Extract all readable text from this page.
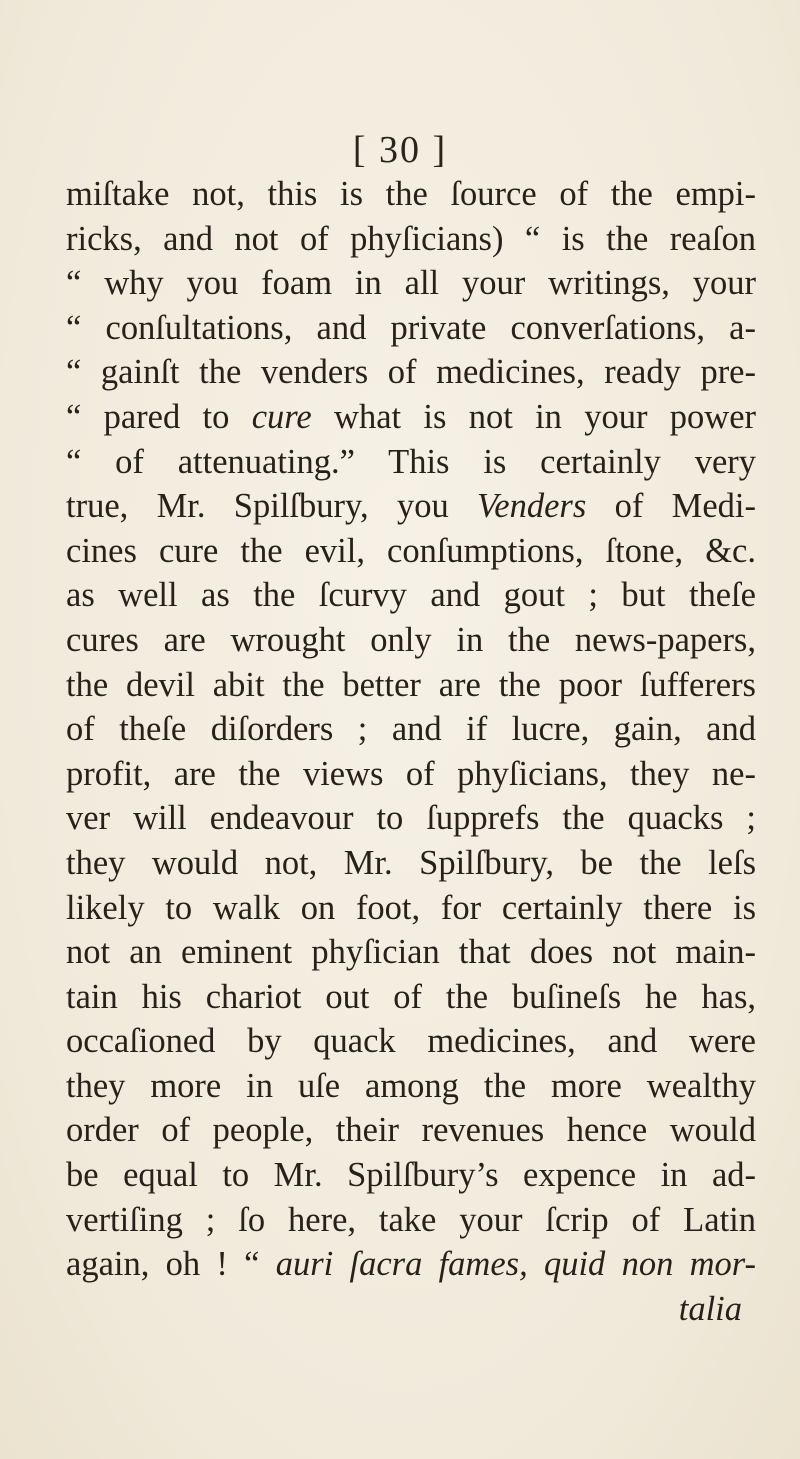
[ 30 ]
miſtake not, this is the ſource of the empi-
ricks, and not of phyſicians) “ is the reaſon
“ why you foam in all your writings, your
“ conſultations, and private converſations, a-
“ gainſt the venders of medicines, ready pre-
“ pared to cure what is not in your power
“ of attenuating.” This is certainly very
true, Mr. Spilſbury, you Venders of Medi-
cines cure the evil, conſumptions, ſtone, &c.
as well as the ſcurvy and gout ; but theſe
cures are wrought only in the news-papers,
the devil abit the better are the poor ſufferers
of theſe diſorders ; and if lucre, gain, and
profit, are the views of phyſicians, they ne-
ver will endeavour to ſupprefs the quacks ;
they would not, Mr. Spilſbury, be the leſs
likely to walk on foot, for certainly there is
not an eminent phyſician that does not main-
tain his chariot out of the buſineſs he has,
occaſioned by quack medicines, and were
they more in uſe among the more wealthy
order of people, their revenues hence would
be equal to Mr. Spilſbury’s expence in ad-
vertiſing ; ſo here, take your ſcrip of Latin
again, oh ! “ auri ſacra fames, quid non mor-
talia
